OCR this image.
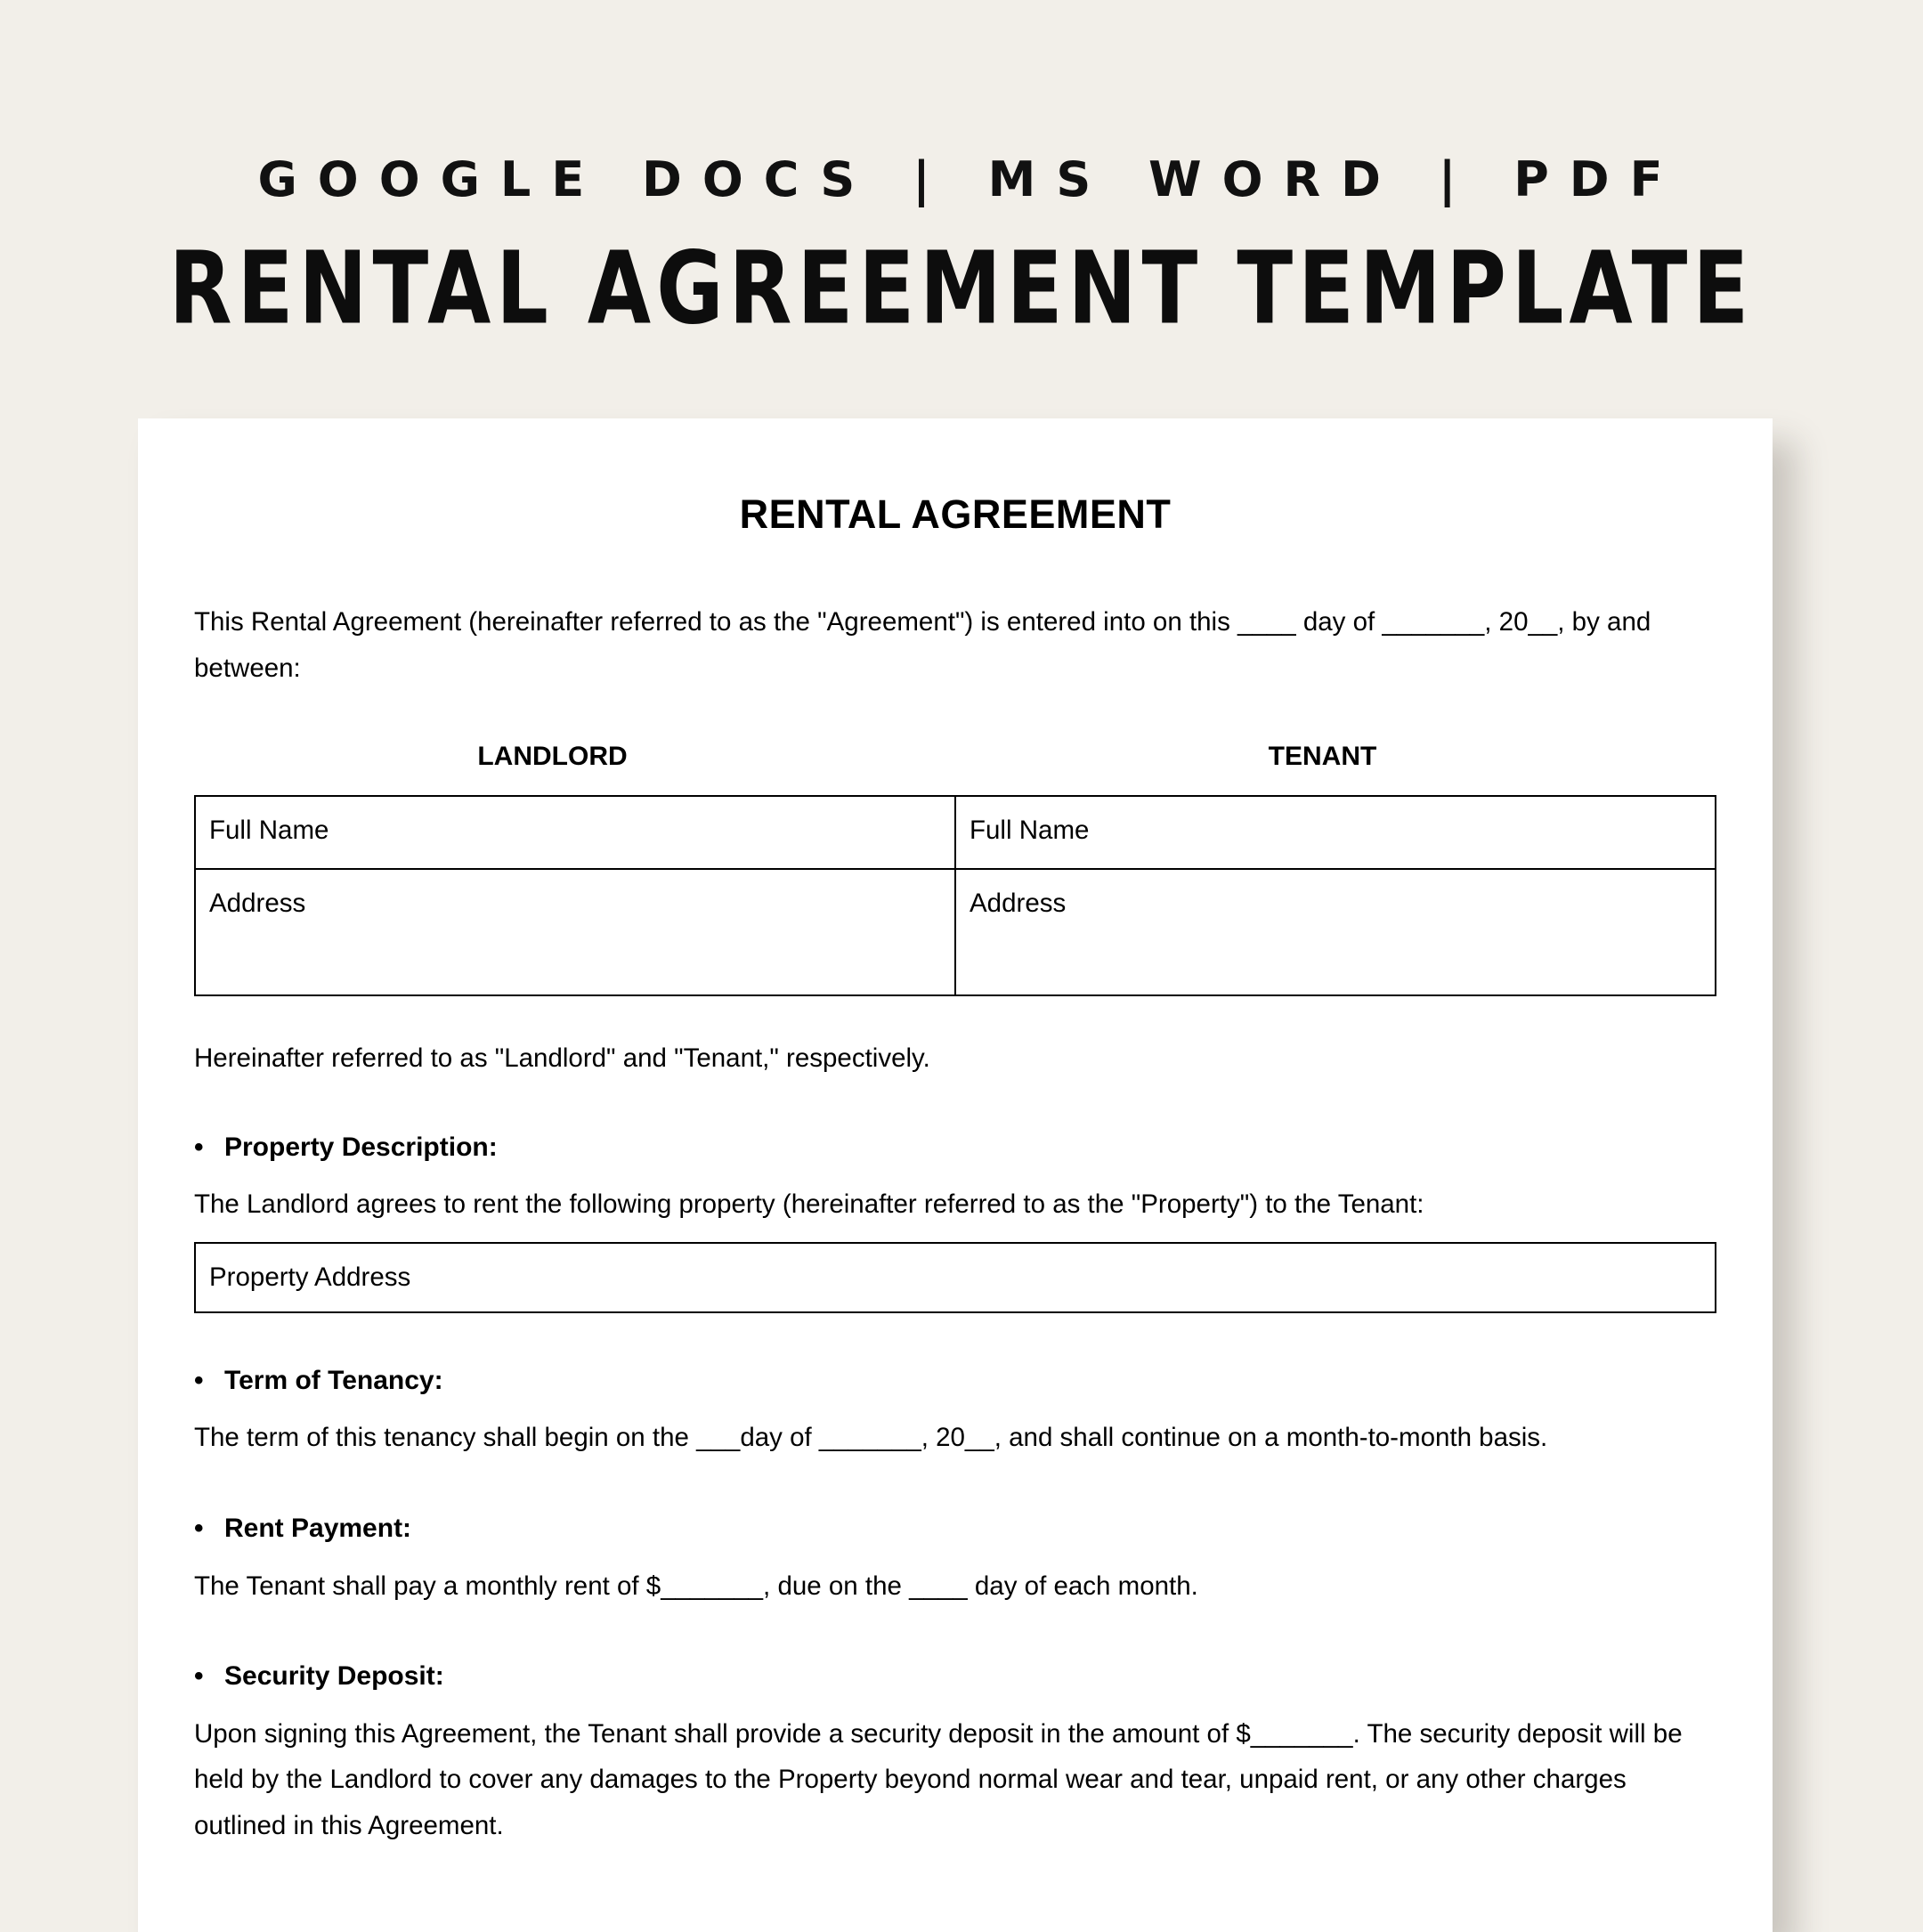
GOOGLE DOCS | MS WORD | PDF
RENTAL AGREEMENT TEMPLATE
RENTAL AGREEMENT
This Rental Agreement (hereinafter referred to as the "Agreement") is entered into on this ____ day of _______, 20__, by and between:
LANDLORD	TENANT
Full Name	Full Name
Address	Address
Hereinafter referred to as "Landlord" and "Tenant," respectively.
• Property Description:
The Landlord agrees to rent the following property (hereinafter referred to as the "Property") to the Tenant:
Property Address
• Term of Tenancy:
The term of this tenancy shall begin on the ___day of _______, 20__, and shall continue on a month-to-month basis.
• Rent Payment:
The Tenant shall pay a monthly rent of $_______, due on the ____ day of each month.
• Security Deposit:
Upon signing this Agreement, the Tenant shall provide a security deposit in the amount of $_______. The security deposit will be held by the Landlord to cover any damages to the Property beyond normal wear and tear, unpaid rent, or any other charges outlined in this Agreement.
